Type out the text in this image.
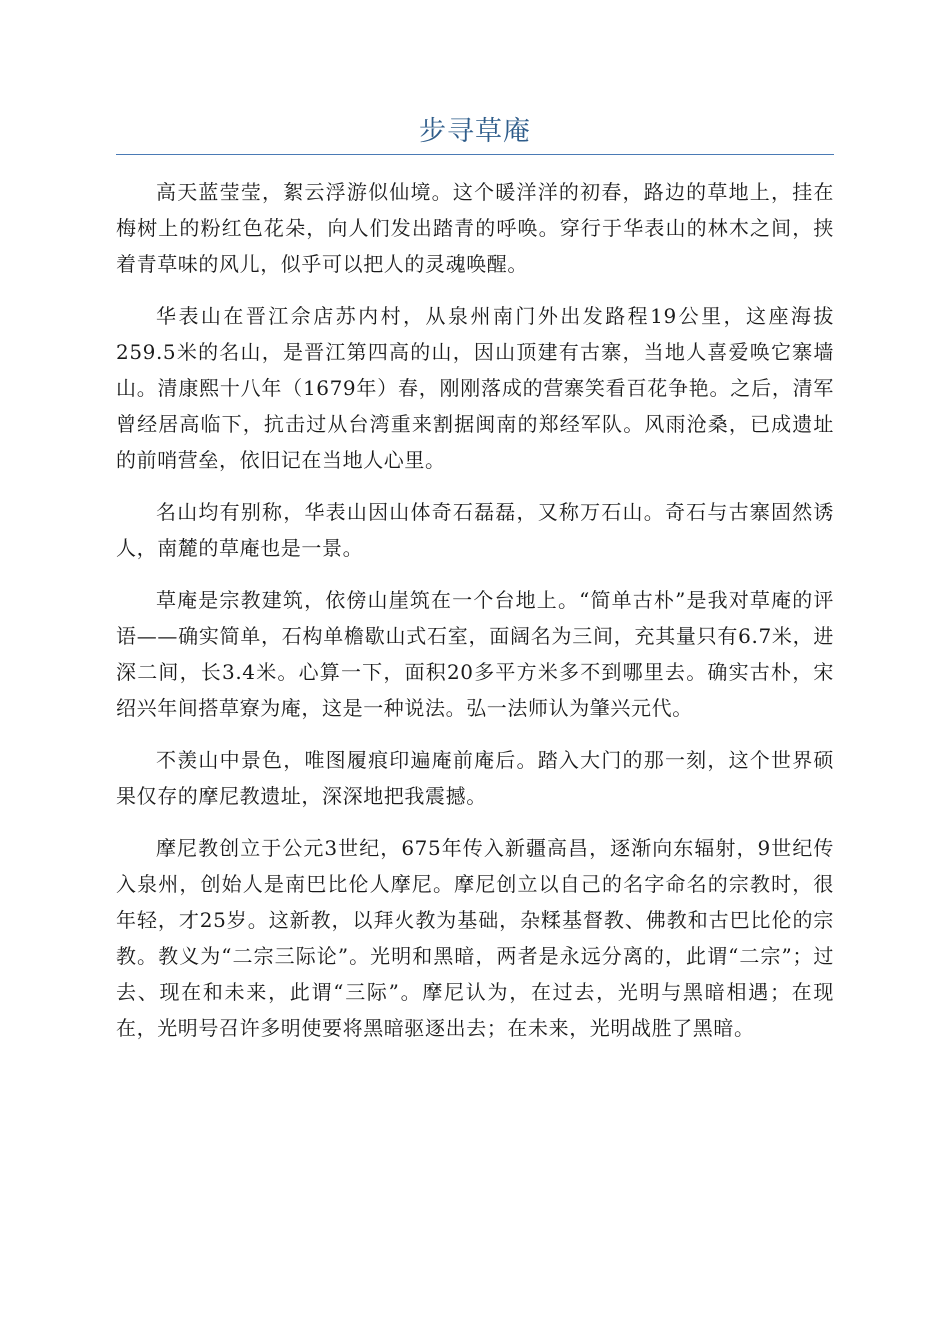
步寻草庵

高天蓝莹莹，絮云浮游似仙境。这个暖洋洋的初春，路边的草地上，挂在梅树上的粉红色花朵，向人们发出踏青的呼唤。穿行于华表山的林木之间，挟着青草味的风儿，似乎可以把人的灵魂唤醒。

华表山在晋江佘店苏内村，从泉州南门外出发路程19公里，这座海拔259.5米的名山，是晋江第四高的山，因山顶建有古寨，当地人喜爱唤它寨墙山。清康熙十八年（1679年）春，刚刚落成的营寨笑看百花争艳。之后，清军曾经居高临下，抗击过从台湾重来割据闽南的郑经军队。风雨沧桑，已成遗址的前哨营垒，依旧记在当地人心里。

名山均有别称，华表山因山体奇石磊磊，又称万石山。奇石与古寨固然诱人，南麓的草庵也是一景。

草庵是宗教建筑，依傍山崖筑在一个台地上。“简单古朴”是我对草庵的评语——确实简单，石构单檐歇山式石室，面阔名为三间，充其量只有6.7米，进深二间，长3.4米。心算一下，面积20多平方米多不到哪里去。确实古朴，宋绍兴年间搭草寮为庵，这是一种说法。弘一法师认为肇兴元代。

不羡山中景色，唯图履痕印遍庵前庵后。踏入大门的那一刻，这个世界硕果仅存的摩尼教遗址，深深地把我震撼。

摩尼教创立于公元3世纪，675年传入新疆高昌，逐渐向东辐射，9世纪传入泉州，创始人是南巴比伦人摩尼。摩尼创立以自己的名字命名的宗教时，很年轻，才25岁。这新教，以拜火教为基础，杂糅基督教、佛教和古巴比伦的宗教。教义为“二宗三际论”。光明和黑暗，两者是永远分离的，此谓“二宗”；过去、现在和未来，此谓“三际”。摩尼认为，在过去，光明与黑暗相遇；在现在，光明号召许多明使要将黑暗驱逐出去；在未来，光明战胜了黑暗。
